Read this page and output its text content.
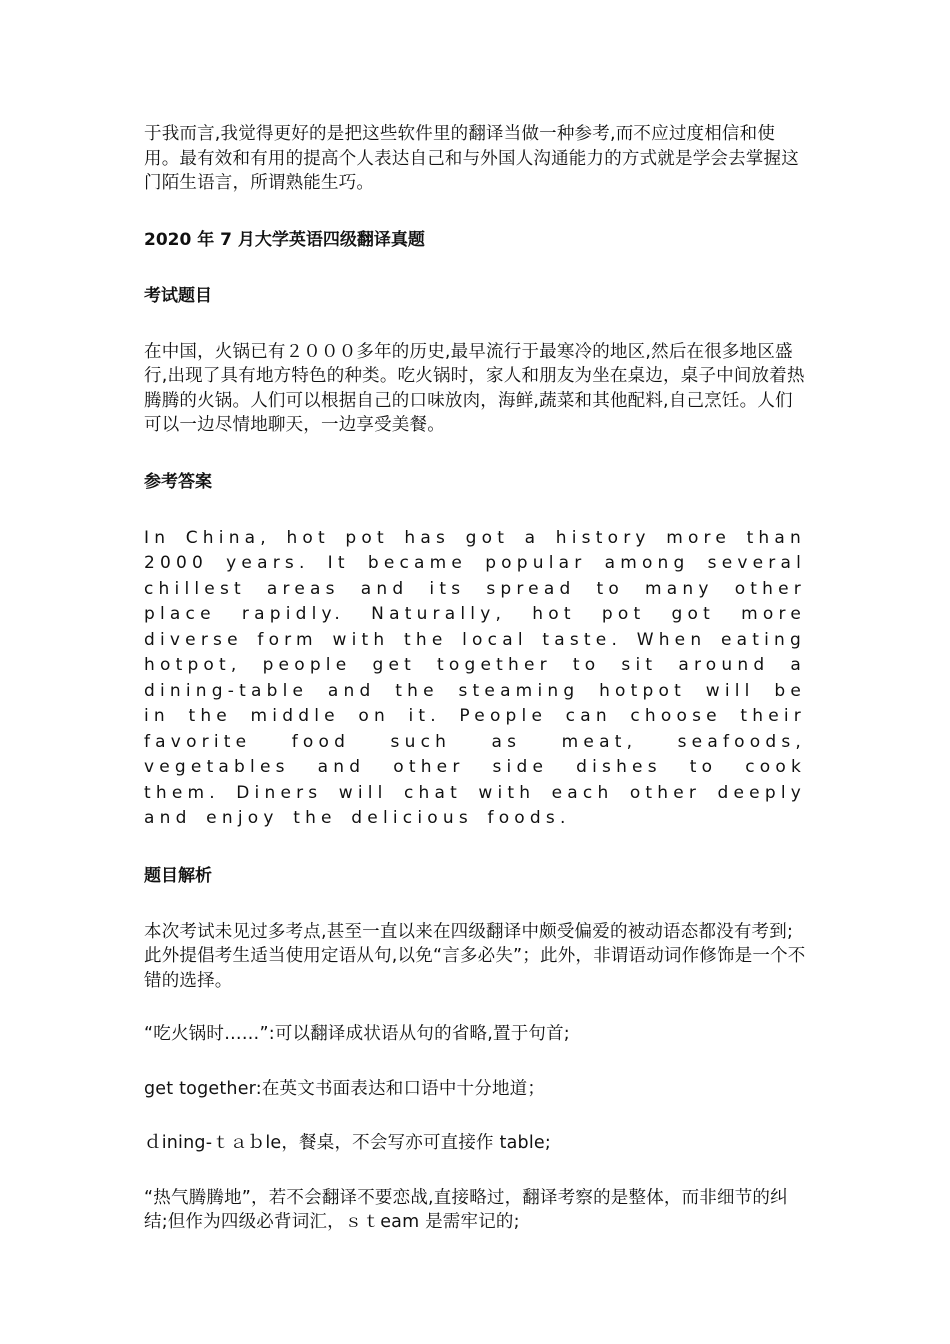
于我而言,我觉得更好的是把这些软件里的翻译当做一种参考,而不应过度相信和使用。最有效和有用的提高个人表达自己和与外国人沟通能力的方式就是学会去掌握这门陌生语言，所谓熟能生巧。

2020 年 7 月大学英语四级翻译真题
考试题目

在中国，火锅已有２０００多年的历史,最早流行于最寒冷的地区,然后在很多地区盛行,出现了具有地方特色的种类。吃火锅时，家人和朋友为坐在桌边，桌子中间放着热腾腾的火锅。人们可以根据自己的口味放肉，海鲜,蔬菜和其他配料,自己烹饪。人们可以一边尽情地聊天，一边享受美餐。

参考答案

In China, hot pot has got a history more than 2000 years. It became popular among several chillest areas and its spread to many other place rapidly. Naturally, hot pot got more diverse form with the local taste. When eating hotpot, people get together to sit around a dining-table and the steaming hotpot will be in the middle on it. People can choose their favorite food such as meat, seafoods, vegetables and other side dishes to cook them. Diners will chat with each other deeply and enjoy the delicious foods.

题目解析

本次考试未见过多考点,甚至一直以来在四级翻译中颇受偏爱的被动语态都没有考到;此外提倡考生适当使用定语从句,以免“言多必失”；此外，非谓语动词作修饰是一个不错的选择。

“吃火锅时……”:可以翻译成状语从句的省略,置于句首;

get together:在英文书面表达和口语中十分地道；

ｄining-ｔａｂle，餐桌，不会写亦可直接作 table;

“热气腾腾地”，若不会翻译不要恋战,直接略过，翻译考察的是整体，而非细节的纠结;但作为四级必背词汇，ｓｔeam 是需牢记的;
